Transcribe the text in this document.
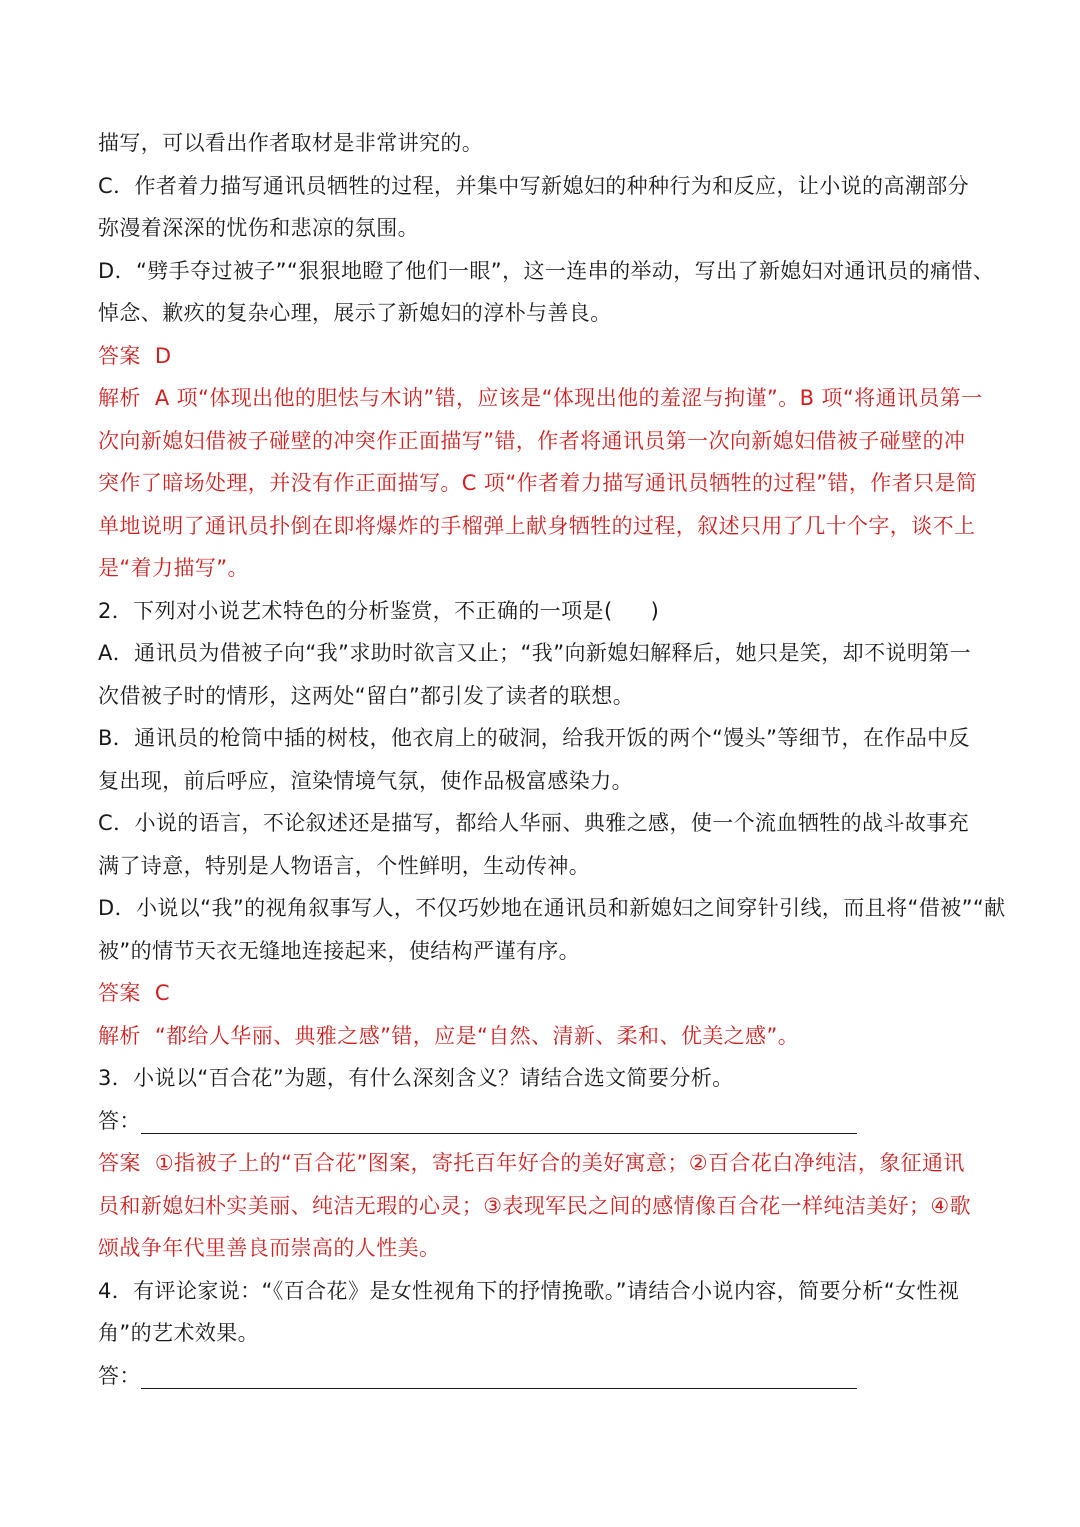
描写，可以看出作者取材是非常讲究的。
C．作者着力描写通讯员牺牲的过程，并集中写新媳妇的种种行为和反应，让小说的高潮部分
弥漫着深深的忧伤和悲凉的氛围。
D．“劈手夺过被子”“狠狠地瞪了他们一眼”，这一连串的举动，写出了新媳妇对通讯员的痛惜、
悼念、歉疚的复杂心理，展示了新媳妇的淳朴与善良。
答案 D
解析 A 项“体现出他的胆怯与木讷”错，应该是“体现出他的羞涩与拘谨”。B 项“将通讯员第一
次向新媳妇借被子碰壁的冲突作正面描写”错，作者将通讯员第一次向新媳妇借被子碰壁的冲
突作了暗场处理，并没有作正面描写。C 项“作者着力描写通讯员牺牲的过程”错，作者只是简
单地说明了通讯员扑倒在即将爆炸的手榴弹上献身牺牲的过程，叙述只用了几十个字，谈不上
是“着力描写”。
2．下列对小说艺术特色的分析鉴赏，不正确的一项是( )
A．通讯员为借被子向“我”求助时欲言又止；“我”向新媳妇解释后，她只是笑，却不说明第一
次借被子时的情形，这两处“留白”都引发了读者的联想。
B．通讯员的枪筒中插的树枝，他衣肩上的破洞，给我开饭的两个“馒头”等细节，在作品中反
复出现，前后呼应，渲染情境气氛，使作品极富感染力。
C．小说的语言，不论叙述还是描写，都给人华丽、典雅之感，使一个流血牺牲的战斗故事充
满了诗意，特别是人物语言，个性鲜明，生动传神。
D．小说以“我”的视角叙事写人，不仅巧妙地在通讯员和新媳妇之间穿针引线，而且将“借被”“献
被”的情节天衣无缝地连接起来，使结构严谨有序。
答案 C
解析 “都给人华丽、典雅之感”错，应是“自然、清新、柔和、优美之感”。
3．小说以“百合花”为题，有什么深刻含义？请结合选文简要分析。
答：
答案 ①指被子上的“百合花”图案，寄托百年好合的美好寓意；②百合花白净纯洁，象征通讯
员和新媳妇朴实美丽、纯洁无瑕的心灵；③表现军民之间的感情像百合花一样纯洁美好；④歌
颂战争年代里善良而崇高的人性美。
4．有评论家说：“《百合花》是女性视角下的抒情挽歌。”请结合小说内容，简要分析“女性视
角”的艺术效果。
答：
